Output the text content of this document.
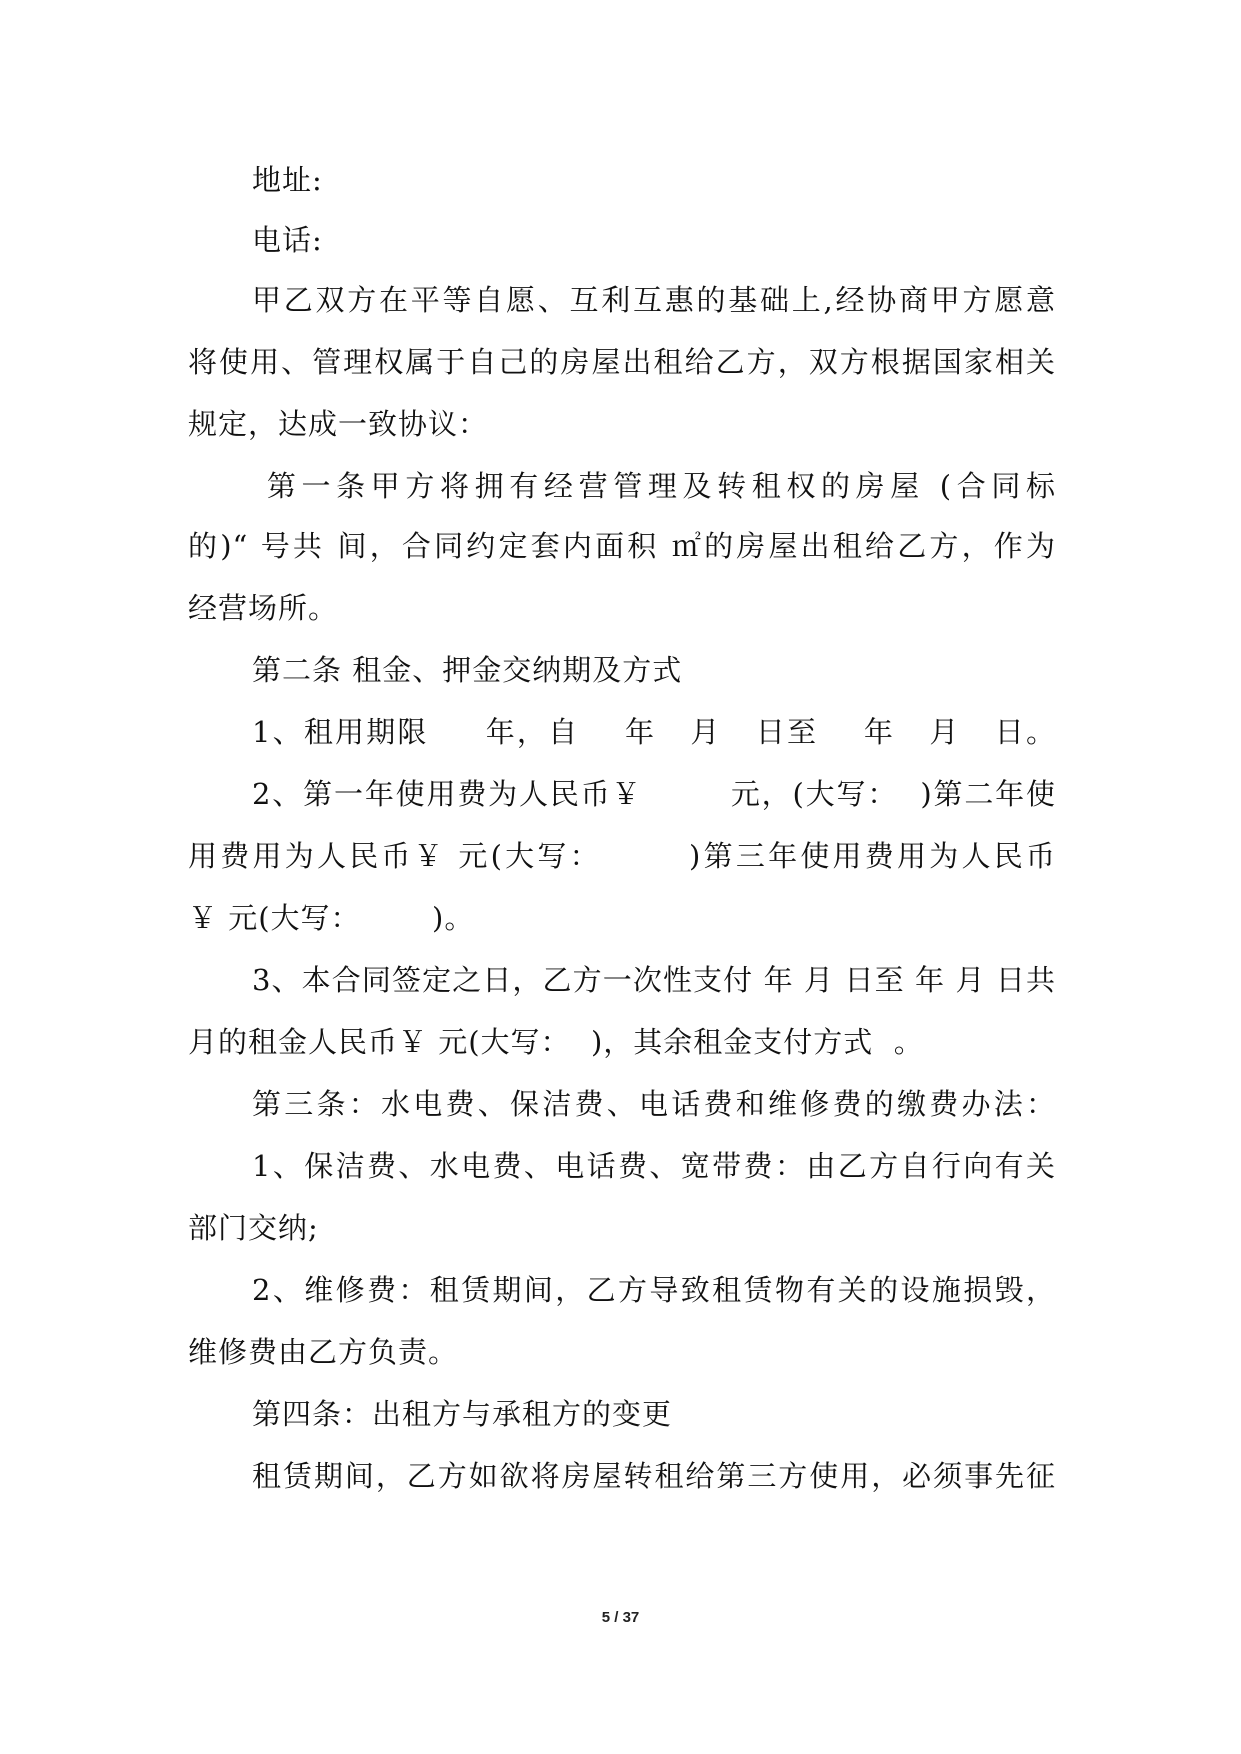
地址:
电话:
甲乙双方在平等自愿、互利互惠的基础上,经协商甲方愿意
将使用、管理权属于自己的房屋出租给乙方，双方根据国家相关
规定，达成一致协议：
第一条甲方将拥有经营管理及转租权的房屋 (合同标
的)“ 号共 间，合同约定套内面积 ㎡的房屋出租给乙方，作为
经营场所。
第二条 租金、押金交纳期及方式
1、租用期限     年，自    年   月   日至    年   月   日。
2、第一年使用费为人民币￥        元，(大写：  )第二年使
用费用为人民币￥ 元(大写：       )第三年使用费用为人民币
￥ 元(大写：       )。
3、本合同签定之日，乙方一次性支付 年 月 日至 年 月 日共
月的租金人民币￥ 元(大写：  )，其余租金支付方式  。
第三条：水电费、保洁费、电话费和维修费的缴费办法：
1、保洁费、水电费、电话费、宽带费：由乙方自行向有关
部门交纳;
2、维修费：租赁期间，乙方导致租赁物有关的设施损毁，
维修费由乙方负责。
第四条：出租方与承租方的变更
租赁期间，乙方如欲将房屋转租给第三方使用，必须事先征
5 / 37
